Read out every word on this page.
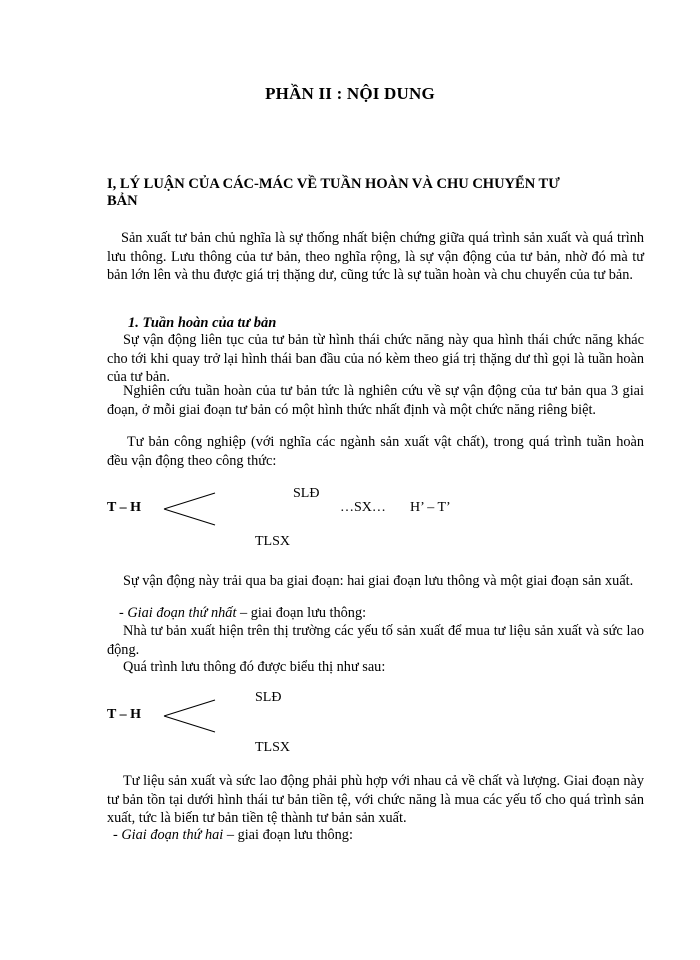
PHẦN II : NỘI DUNG
I, LÝ LUẬN CỦA CÁC-MÁC VỀ TUẦN HOÀN VÀ CHU CHUYỂN TƯ
BẢN
Sản xuất tư bản chủ nghĩa là sự thống nhất biện chứng giữa quá trình sản xuất và quá trình lưu thông. Lưu thông của tư bản, theo nghĩa rộng, là sự vận động của tư bản, nhờ đó mà tư bản lớn lên và thu được giá trị thặng dư, cũng tức là sự tuần hoàn và chu chuyển của tư bản.
1. Tuần hoàn của tư bản
Sự vận động liên tục của tư bản từ hình thái chức năng này qua hình thái chức năng khác cho tới khi quay trở lại hình thái ban đầu của nó kèm theo giá trị thặng dư thì gọi là tuần hoàn của tư bản.
Nghiên cứu tuần hoàn của tư bản tức là nghiên cứu về sự vận động của tư bản qua 3 giai đoạn, ở mỗi giai đoạn tư bản có một hình thức nhất định và một chức năng riêng biệt.
Tư bản công nghiệp (với nghĩa các ngành sản xuất vật chất), trong quá trình tuần hoàn đều vận động theo công thức:
T – H
SLĐ
TLSX
…SX… H’ – T’
Sự vận động này trải qua ba giai đoạn: hai giai đoạn lưu thông và một giai đoạn sản xuất.
- Giai đoạn thứ nhất – giai đoạn lưu thông:
Nhà tư bản xuất hiện trên thị trường các yếu tố sản xuất để mua tư liệu sản xuất và sức lao động.
Quá trình lưu thông đó được biểu thị như sau:
T – H
SLĐ
TLSX
Tư liệu sản xuất và sức lao động phải phù hợp với nhau cả về chất và lượng. Giai đoạn này tư bản tồn tại dưới hình thái tư bản tiền tệ, với chức năng là mua các yếu tố cho quá trình sản xuất, tức là biến tư bản tiền tệ thành tư bản sản xuất.
- Giai đoạn thứ hai – giai đoạn lưu thông:
